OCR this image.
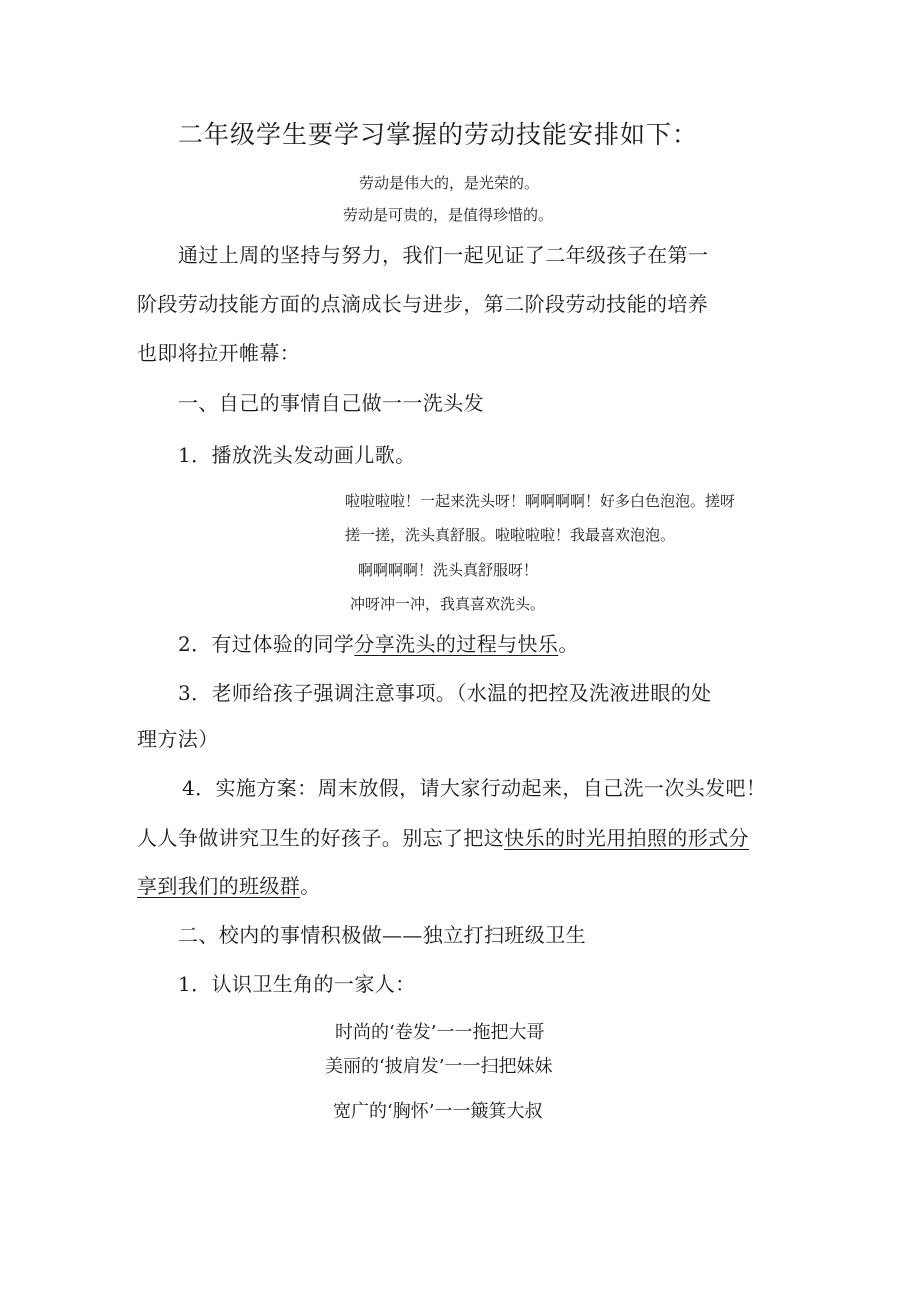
二年级学生要学习掌握的劳动技能安排如下：
劳动是伟大的，是光荣的。
劳动是可贵的，是值得珍惜的。
通过上周的坚持与努力，我们一起见证了二年级孩子在第一
阶段劳动技能方面的点滴成长与进步，第二阶段劳动技能的培养
也即将拉开帷幕：
一、自己的事情自己做一一洗头发
1．播放洗头发动画儿歌。
啦啦啦啦！一起来洗头呀！啊啊啊啊！好多白色泡泡。搓呀
搓一搓，洗头真舒服。啦啦啦啦！我最喜欢泡泡。
啊啊啊啊！洗头真舒服呀！
冲呀冲一冲，我真喜欢洗头。
2．有过体验的同学分享洗头的过程与快乐。
3．老师给孩子强调注意事项。（水温的把控及洗液进眼的处
理方法）
4．实施方案：周末放假，请大家行动起来，自己洗一次头发吧！
人人争做讲究卫生的好孩子。别忘了把这快乐的时光用拍照的形式分
享到我们的班级群。
二、校内的事情积极做——独立打扫班级卫生
1．认识卫生角的一家人：
时尚的‘卷发’一一拖把大哥
美丽的‘披肩发’一一扫把妹妹
宽广的‘胸怀’一一簸箕大叔
